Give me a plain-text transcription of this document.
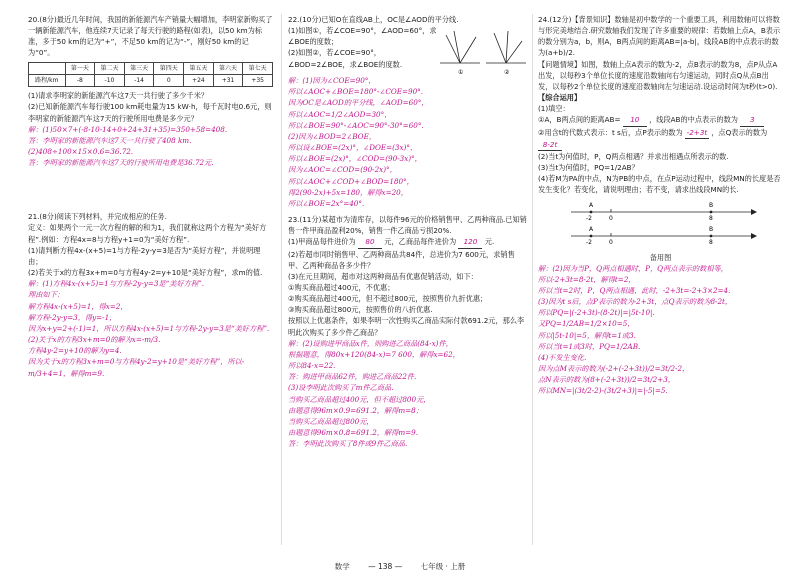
20.(8分)最近几年时间，我国的新能源汽车产销量大幅增加，李明家新购买了一辆新能源汽车，他连续7天记录了每天行驶的路程(如表)，以50 km为标准，多于50 km的记为“+”，不足50 km的记为“-”，刚好50 km的记为“0”。

	第一天	第二天	第三天	第四天	第五天	第六天	第七天
路程/km	-8	-10	-14	0	+24	+31	+35

(1)请求李明家的新能源汽车这7天一共行驶了多少千米？

(2)已知新能源汽车每行驶100 km耗电量为15 kW·h，每千瓦时电0.6元，则李明家的新能源汽车这7天的行驶所用电费是多少元？

解：(1)50×7+(-8-10-14+0+24+31+35)=350+58=408.

答：李明家的新能源汽车这7天一共行驶了408 km.

(2)408÷100×15×0.6=36.72.

答：李明家的新能源汽车这7天的行驶所用电费是36.72元.

21.(8分)阅读下列材料，并完成相应的任务.

定义：如果两个一元一次方程的解的和为1，我们就称这两个方程为“美好方程”.例如：方程4x=8与方程y+1=0为“美好方程”.

(1)请判断方程4x-(x+5)=1与方程-2y-y=3是否为“美好方程”，并说明理由；

(2)若关于x的方程3x+m=0与方程4y-2=y+10是“美好方程”，求m的值.

解：(1)方程4x-(x+5)=1与方程-2y-y=3是“美好方程”.

理由如下：

解方程4x-(x+5)=1，得x=2，

解方程-2y-y=3，得y=-1，

因为x+y=2+(-1)=1，所以方程4x-(x+5)=1与方程-2y-y=3是“美好方程”.

(2)关于x的方程3x+m=0的解为x=-m/3.

方程4y-2=y+10的解为y=4.

因为关于x的方程3x+m=0与方程4y-2=y+10是“美好方程”，所以-m/3+4=1，解得m=9.

22.(10分)已知O在直线AB上，OC是∠AOD的平分线.

(1)如图①，若∠COE=90°，∠AOD=60°，求∠BOE的度数；

(2)如图②，若∠COE=90°，∠BOD=2∠BOE，求∠BOE的度数.

①	②

解：(1)因为∠COE=90°，

所以∠AOC+∠BOE=180°-∠COE=90°.

因为OC是∠AOD的平分线，∠AOD=60°，

所以∠AOC=1/2∠AOD=30°，

所以∠BOE=90°-∠AOC=90°-30°=60°.

(2)因为∠BOD=2∠BOE，

所以设∠BOE=(2x)°，∠DOE=(3x)°，

所以∠BOE=(2x)°，∠COD=(90-3x)°，

因为∠AOC=∠COD=(90-2x)°，

所以∠AOC+∠COD+∠BOD=180°，

得2(90-2x)+5x=180，解得x=20，

所以∠BOE=2x°=40°.

23.(11分)某超市为清库存，以每件96元的价格销售甲、乙两种商品.已知销售一件甲商品盈利20%，销售一件乙商品亏损20%.

(1)甲商品每件进价为 80 元，乙商品每件进价为 120 元.

(2)若超市同时销售甲、乙两种商品共84件，总进价为7 600元，求销售甲、乙两种商品各多少件？

(3)在元旦期间，超市对这两种商品有优惠促销活动，如下：

①购买商品超过400元，不优惠；

②购买商品超过400元，但不超过800元，按照售价九折优惠；

③购买商品超过800元，按照售价的八折优惠.

按照以上优惠条件，如果李明一次性购买乙商品实际付款691.2元，那么李明此次购买了多少件乙商品？

解：(2)设购进甲商品x件，则购进乙商品(84-x)件，

根据题意，得80x+120(84-x)=7 600，解得x=62，

所以84-x=22.

答：购进甲商品62件，购进乙商品22件.

(3)设李明此次购买了m件乙商品.

当购买乙商品超过400元，但不超过800元，

由题意得96m×0.9=691.2，解得m=8；

当购买乙商品超过800元，

由题意得96m×0.8=691.2，解得m=9.

答：李明此次购买了8件或9件乙商品.

24.(12分)【背景知识】数轴是初中数学的一个重要工具，利用数轴可以将数与形完美地结合.研究数轴我们发现了许多重要的规律：若数轴上点A，B表示的数分别为a，b，则A，B两点间的距离AB=|a-b|，线段AB的中点表示的数为(a+b)/2.

【问题情境】如图，数轴上点A表示的数为-2，点B表示的数为8，点P从点A出发，以每秒3个单位长度的速度沿数轴向右匀速运动，同时点Q从点B出发，以每秒2个单位长度的速度沿数轴向左匀速运动.设运动时间为t秒(t>0).

【综合运用】

(1)填空：

①A，B两点间的距离AB= 10 ，线段AB的中点表示的数为 3

②用含t的代数式表示：t s后，点P表示的数为 -2+3t ，点Q表示的数为 8-2t

(2)当t为何值时，P，Q两点相遇？并求出相遇点所表示的数.

(3)当t为何值时，PQ=1/2AB？

(4)若M为PA的中点，N为PB的中点，在点P运动过程中，线段MN的长度是否发生变化？若变化，请说明理由；若不变，请求出线段MN的长.

A	B
-2	0	8
A	B
-2	0	8

备用图

解：(2)因为当P，Q两点相遇时，P，Q两点表示的数相等，

所以-2+3t=8-2t，解得t=2，

所以当t=2时，P，Q两点相遇，此时，-2+3t=-2+3×2=4.

(3)因为t s后，点P表示的数为-2+3t，点Q表示的数为8-2t，

所以PQ=|(-2+3t)-(8-2t)|=|5t-10|.

又PQ=1/2AB=1/2×10=5，

所以|5t-10|=5，解得t=1或3.

所以当t=1或3时，PQ=1/2AB.

(4)不发生变化.

因为点M表示的数为(-2+(-2+3t))/2=3t/2-2，

点N表示的数为(8+(-2+3t))/2=3t/2+3，

所以MN=|(3t/2-2)-(3t/2+3)|=|-5|=5.

数学 — 138 — 七年级 · 上册
